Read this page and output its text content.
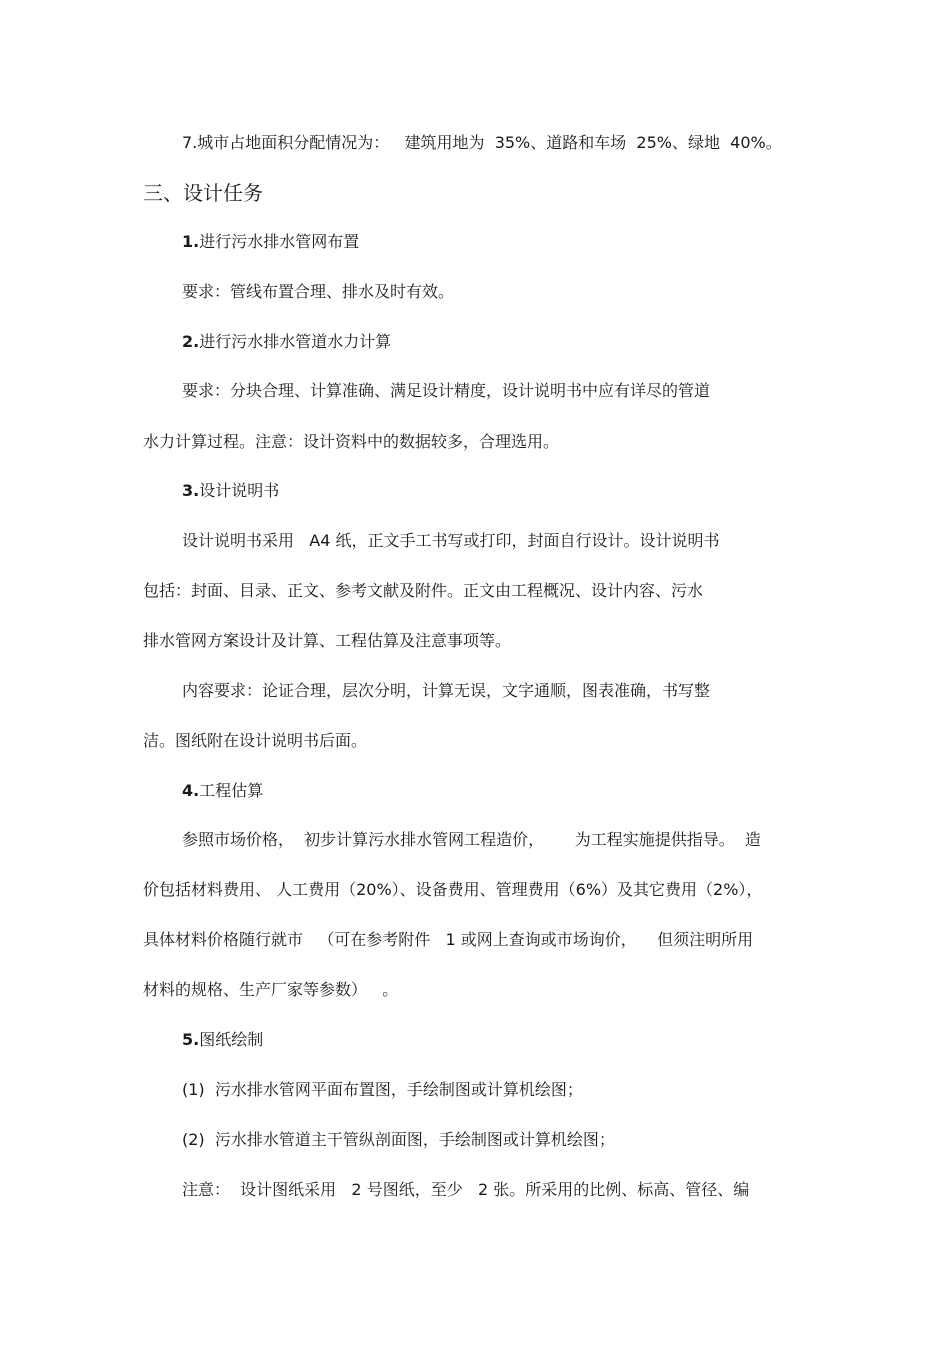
7.城市占地面积分配情况为：   建筑用地为  35%、道路和车场  25%、绿地  40%。
三、设计任务
1.进行污水排水管网布置
要求：管线布置合理、排水及时有效。
2.进行污水排水管道水力计算
要求：分块合理、计算准确、满足设计精度，设计说明书中应有详尽的管道
水力计算过程。注意：设计资料中的数据较多，合理选用。
3.设计说明书
设计说明书采用   A4 纸，正文手工书写或打印，封面自行设计。设计说明书
包括：封面、目录、正文、参考文献及附件。正文由工程概况、设计内容、污水
排水管网方案设计及计算、工程估算及注意事项等。
内容要求：论证合理，层次分明，计算无误，文字通顺，图表准确，书写整
洁。图纸附在设计说明书后面。
4.工程估算
参照市场价格，  初步计算污水排水管网工程造价，      为工程实施提供指导。  造
价包括材料费用、 人工费用（20%）、设备费用、管理费用（6%）及其它费用（2%），
具体材料价格随行就市   （可在参考附件   1 或网上查询或市场询价，    但须注明所用
材料的规格、生产厂家等参数）   。
5.图纸绘制
(1)  污水排水管网平面布置图，手绘制图或计算机绘图；
(2)  污水排水管道主干管纵剖面图，手绘制图或计算机绘图；
注意：  设计图纸采用   2 号图纸，至少   2 张。所采用的比例、标高、管径、编
